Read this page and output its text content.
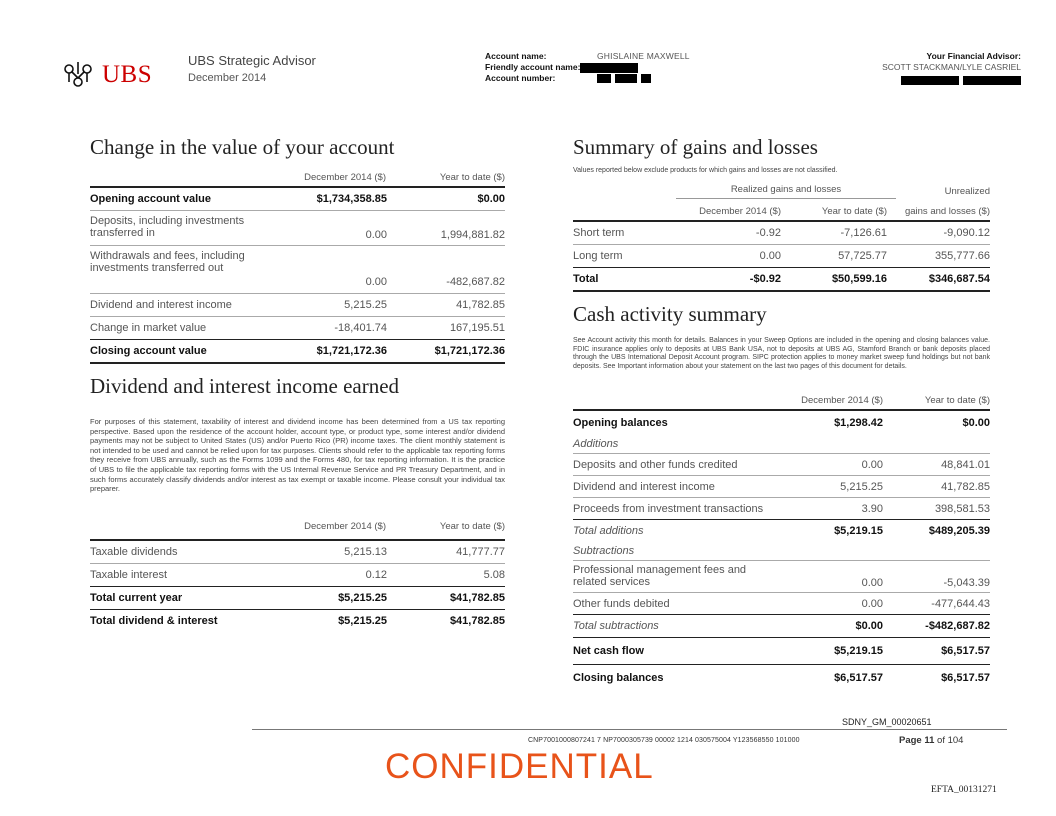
UBS
UBS Strategic Advisor
December 2014
Account name:	GHISLAINE MAXWELL
Friendly account name:
Account number:
Your Financial Advisor:
SCOTT STACKMAN/LYLE CASRIEL
Change in the value of your account
December 2014 ($)	Year to date ($)
Opening account value	$1,734,358.85	$0.00
Deposits, including investments transferred in	0.00	1,994,881.82
Withdrawals and fees, including investments transferred out
0.00	-482,687.82
Dividend and interest income	5,215.25	41,782.85
Change in market value	-18,401.74	167,195.51
Closing account value	$1,721,172.36	$1,721,172.36
Dividend and interest income earned
For purposes of this statement, taxability of interest and dividend income has been determined from a US tax reporting perspective. Based upon the residence of the account holder, account type, or product type, some interest and/or dividend payments may not be subject to United States (US) and/or Puerto Rico (PR) income taxes. The client monthly statement is not intended to be used and cannot be relied upon for tax purposes. Clients should refer to the applicable tax reporting forms they receive from UBS annually, such as the Forms 1099 and the Forms 480, for tax reporting information. It is the practice of UBS to file the applicable tax reporting forms with the US Internal Revenue Service and PR Treasury Department, and in such forms accurately classify dividends and/or interest as tax exempt or taxable income. Please consult your individual tax preparer.
December 2014 ($)	Year to date ($)
Taxable dividends	5,215.13	41,777.77
Taxable interest	0.12	5.08
Total current year	$5,215.25	$41,782.85
Total dividend & interest	$5,215.25	$41,782.85
Summary of gains and losses
Values reported below exclude products for which gains and losses are not classified.
Realized gains and losses	Unrealized
December 2014 ($)	Year to date ($)	gains and losses ($)
Short term	-0.92	-7,126.61	-9,090.12
Long term	0.00	57,725.77	355,777.66
Total	-$0.92	$50,599.16	$346,687.54
Cash activity summary
See Account activity this month for details. Balances in your Sweep Options are included in the opening and closing balances value. FDIC insurance applies only to deposits at UBS Bank USA, not to deposits at UBS AG, Stamford Branch or bank deposits placed through the UBS International Deposit Account program. SIPC protection applies to money market sweep fund holdings but not bank deposits. See Important information about your statement on the last two pages of this document for details.
December 2014 ($)	Year to date ($)
Opening balances	$1,298.42	$0.00
Additions
Deposits and other funds credited	0.00	48,841.01
Dividend and interest income	5,215.25	41,782.85
Proceeds from investment transactions	3.90	398,581.53
Total additions	$5,219.15	$489,205.39
Subtractions
Professional management fees and related services	0.00	-5,043.39
Other funds debited	0.00	-477,644.43
Total subtractions	$0.00	-$482,687.82
Net cash flow	$5,219.15	$6,517.57
Closing balances	$6,517.57	$6,517.57
SDNY_GM_00020651
CNP7001000807241 7 NP7000305739 00002 1214 030575004 Y123568550 101000	Page 11 of 104
CONFIDENTIAL
EFTA_00131271
